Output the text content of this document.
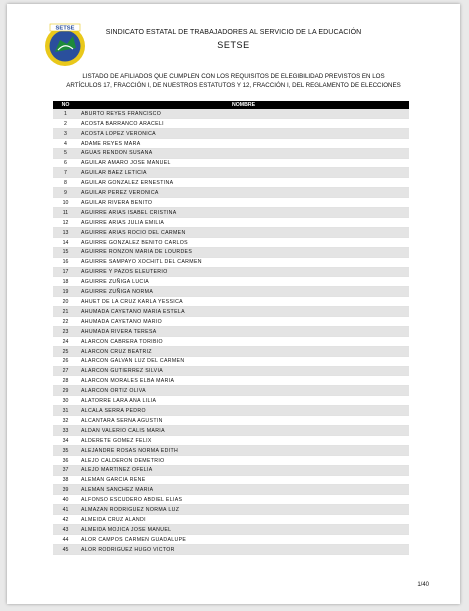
SETSE
SINDICATO ESTATAL DE TRABAJADORES AL SERVICIO DE LA EDUCACIÓN
SETSE
LISTADO DE AFILIADOS QUE CUMPLEN CON LOS REQUISITOS DE ELEGIBILIDAD PREVISTOS EN LOS
ARTÍCULOS 17, FRACCIÓN I, DE NUESTROS ESTATUTOS Y 12, FRACCIÓN I, DEL REGLAMENTO DE ELECCIONES
NO	NOMBRE
1	ABURTO REYES FRANCISCO
2	ACOSTA BARRANCO ARACELI
3	ACOSTA LOPEZ VERONICA
4	ADAME REYES MARA
5	AGUAS RENDON SUSANA
6	AGUILAR AMARO JOSE MANUEL
7	AGUILAR BAEZ LETICIA
8	AGUILAR GONZALEZ ERNESTINA
9	AGUILAR PEREZ VERONICA
10	AGUILAR RIVERA BENITO
11	AGUIRRE ARIAS ISABEL CRISTINA
12	AGUIRRE ARIAS JULIA EMILIA
13	AGUIRRE ARIAS ROCIO DEL CARMEN
14	AGUIRRE GONZALEZ BENITO CARLOS
15	AGUIRRE RONZON MARIA DE LOURDES
16	AGUIRRE SAMPAYO XOCHITL DEL CARMEN
17	AGUIRRE Y PAZOS ELEUTERIO
18	AGUIRRE ZUÑIGA LUCIA
19	AGUIRRE ZUÑIGA NORMA
20	AHUET DE LA CRUZ KARLA YESSICA
21	AHUMADA CAYETANO MARIA ESTELA
22	AHUMADA CAYETANO MARIO
23	AHUMADA RIVERA TERESA
24	ALARCON CABRERA TORIBIO
25	ALARCON CRUZ BEATRIZ
26	ALARCON GALVAN LUZ DEL CARMEN
27	ALARCON GUTIERREZ SILVIA
28	ALARCON MORALES ELBA MARIA
29	ALARCON ORTIZ OLIVA
30	ALATORRE LARA ANA LILIA
31	ALCALA SERRA PEDRO
32	ALCANTARA SERNA AGUSTIN
33	ALDAN VALERIO CALIS MARIA
34	ALDERETE GOMEZ FELIX
35	ALEJANDRE ROSAS NORMA EDITH
36	ALEJO CALDERON DEMETRIO
37	ALEJO MARTINEZ OFELIA
38	ALEMAN GARCIA RENE
39	ALEMAN SANCHEZ MARIA
40	ALFONSO ESCUDERO ABDIEL ELIAS
41	ALMAZAN RODRIGUEZ NORMA LUZ
42	ALMEIDA CRUZ ALANDI
43	ALMEIDA MOJICA JOSE MANUEL
44	ALOR CAMPOS CARMEN GUADALUPE
45	ALOR RODRIGUEZ HUGO VICTOR
1/40
